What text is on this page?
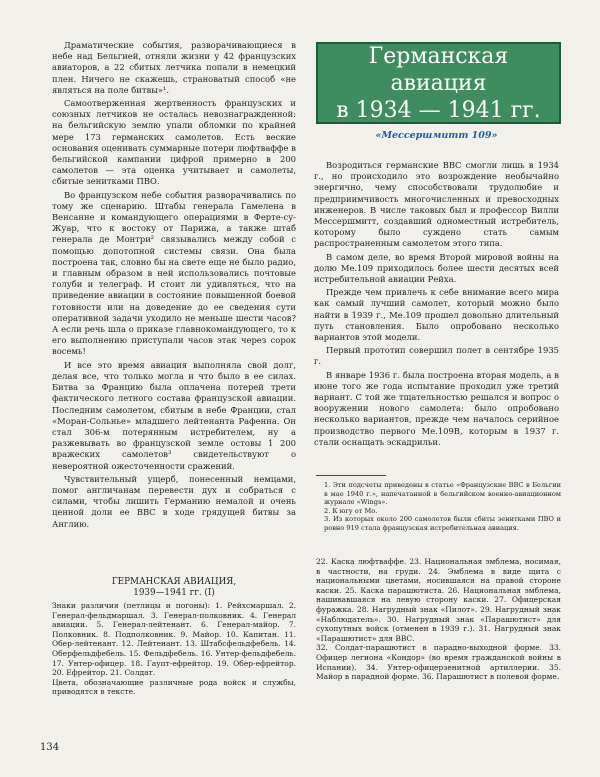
Драматические события, разворачивающиеся в небе над Бельгией, отняли жизни у 42 французских авиаторов, а 22 сбитых летчика попали в немецкий плен. Ничего не скажешь, страноватый способ «не являться на поле битвы»¹.

Самоотверженная жертвенность французских и союзных летчиков не осталась невознагражденной: на бельгийскую землю упали обломки по крайней мере 173 германских самолетов. Есть веские основания оценивать суммарные потери люфтваффе в бельгийской кампании цифрой примерно в 200 самолетов — эта оценка учитывает и самолеты, сбитые зенитками ПВО.

Во французском небе события разворачивались по тому же сценарию. Штабы генерала Гамелена в Венсанне и командующего операциями в Ферте-су-Жуар, что к востоку от Парижа, а также штаб генерала де Монтри² связывались между собой с помощью допотопной системы связи. Она была построена так, словно бы на свете еще не было радио, и главным образом в ней использовались почтовые голуби и телеграф. И стоит ли удивляться, что на приведение авиации в состояние повышенной боевой готовности или на доведение до ее сведения сути оперативной задачи уходило не меньше шести часов? А если речь шла о приказе главнокомандующего, то к его выполнению приступали часов этак через сорок восемь!

И все это время авиация выполняла свой долг, делая все, что только могла и что было в ее силах. Битва за Францию была оплачена потерей трети фактического летного состава французской авиации. Последним самолетом, сбитым в небе Франции, стал «Моран-Сольнье» младшего лейтенанта Рафенна. Он стал 306-м потерянным истребителем, ну а разжевывать во французской земле остовы 1 200 вражеских самолетов³ свидетельствуют о невероятной ожесточенности сражений.

Чувствительный ущерб, понесенный немцами, помог англичанам перевести дух и собраться с силами, чтобы лишить Германию немалой и очень ценной доли ее ВВС в ходе грядущей битвы за Англию.

Германская авиация
в 1934 — 1941 гг.
«Мессершмитт 109»

Возродиться германские ВВС смогли лишь в 1934 г., но происходило это возрождение необычайно энергично, чему способствовали трудолюбие и предприимчивость многочисленных и превосходных инженеров. В числе таковых был и профессор Вилли Мессершмитт, создавший одноместный истребитель, которому было суждено стать самым распространенным самолетом этого типа.

В самом деле, во время Второй мировой войны на долю Ме.109 приходилось более шести десятых всей истребительной авиации Рейха.

Прежде чем привлечь к себе внимание всего мира как самый лучший самолет, который можно было найти в 1939 г., Ме.109 прошел довольно длительный путь становления. Было опробовано несколько вариантов этой модели.

Первый прототип совершил полет в сентябре 1935 г.

В январе 1936 г. была построена вторая модель, а в июне того же года испытание проходил уже третий вариант. С той же тщательностью решался и вопрос о вооружении нового самолета: было опробовано несколько вариантов, прежде чем началось серийное производство первого Ме.109В, которым в 1937 г. стали оснащать эскадрильи.

1. Эти подсчеты приведены в статье «Французские ВВС в Бельгии в мае 1940 г.», напечатанной в бельгийском военно-авиационном журнале «Wings».

2. К югу от Мо.

3. Из которых около 200 самолетов были сбиты зенитками ПВО и ровно 919 стала французская истребительная авиация.

ГЕРМАНСКАЯ АВИАЦИЯ,
1939—1941 гг. (I)

Знаки различия (петлицы и погоны): 1. Рейхсмаршал. 2. Генерал-фельдмаршал. 3. Генерал-полковник. 4. Генерал авиации. 5. Генерал-лейтенант. 6. Генерал-майор. 7. Полковник. 8. Подполковник. 9. Майор. 10. Капитан. 11. Обер-лейтенант. 12. Лейтенант. 13. Штабсфельдфебель. 14. Оберфельдфебель. 15. Фельдфебель. 16. Унтер-фельдфебель. 17. Унтер-офицер. 18. Гаупт-ефрейтор. 19. Обер-ефрейтор. 20. Ефрейтор. 21. Солдат.

Цвета, обозначающие различные рода войск и службы, приводятся в тексте.

22. Каска люфтваффе. 23. Национальная эмблема, носимая, в частности, на груди. 24. Эмблема в виде щита с национальными цветами, носившаяся на правой стороне каски. 25. Каска парашютиста. 26. Национальная эмблема, нашивавшаяся на левую сторону каски. 27. Офицерская фуражка. 28. Нагрудный знак «Пилот». 29. Нагрудный знак «Наблюдатель». 30. Нагрудный знак «Парашютист» для сухопутных войск (отменен в 1939 г.). 31. Нагрудный знак «Парашютист» для ВВС.

32. Солдат-парашютист в парадно-выходной форме. 33. Офицер легиона «Кондор» (во время гражданской войны в Испании). 34. Унтер-офицерзенитной артиллерии. 35. Майор в парадной форме. 36. Парашютист в полевой форме.

134
